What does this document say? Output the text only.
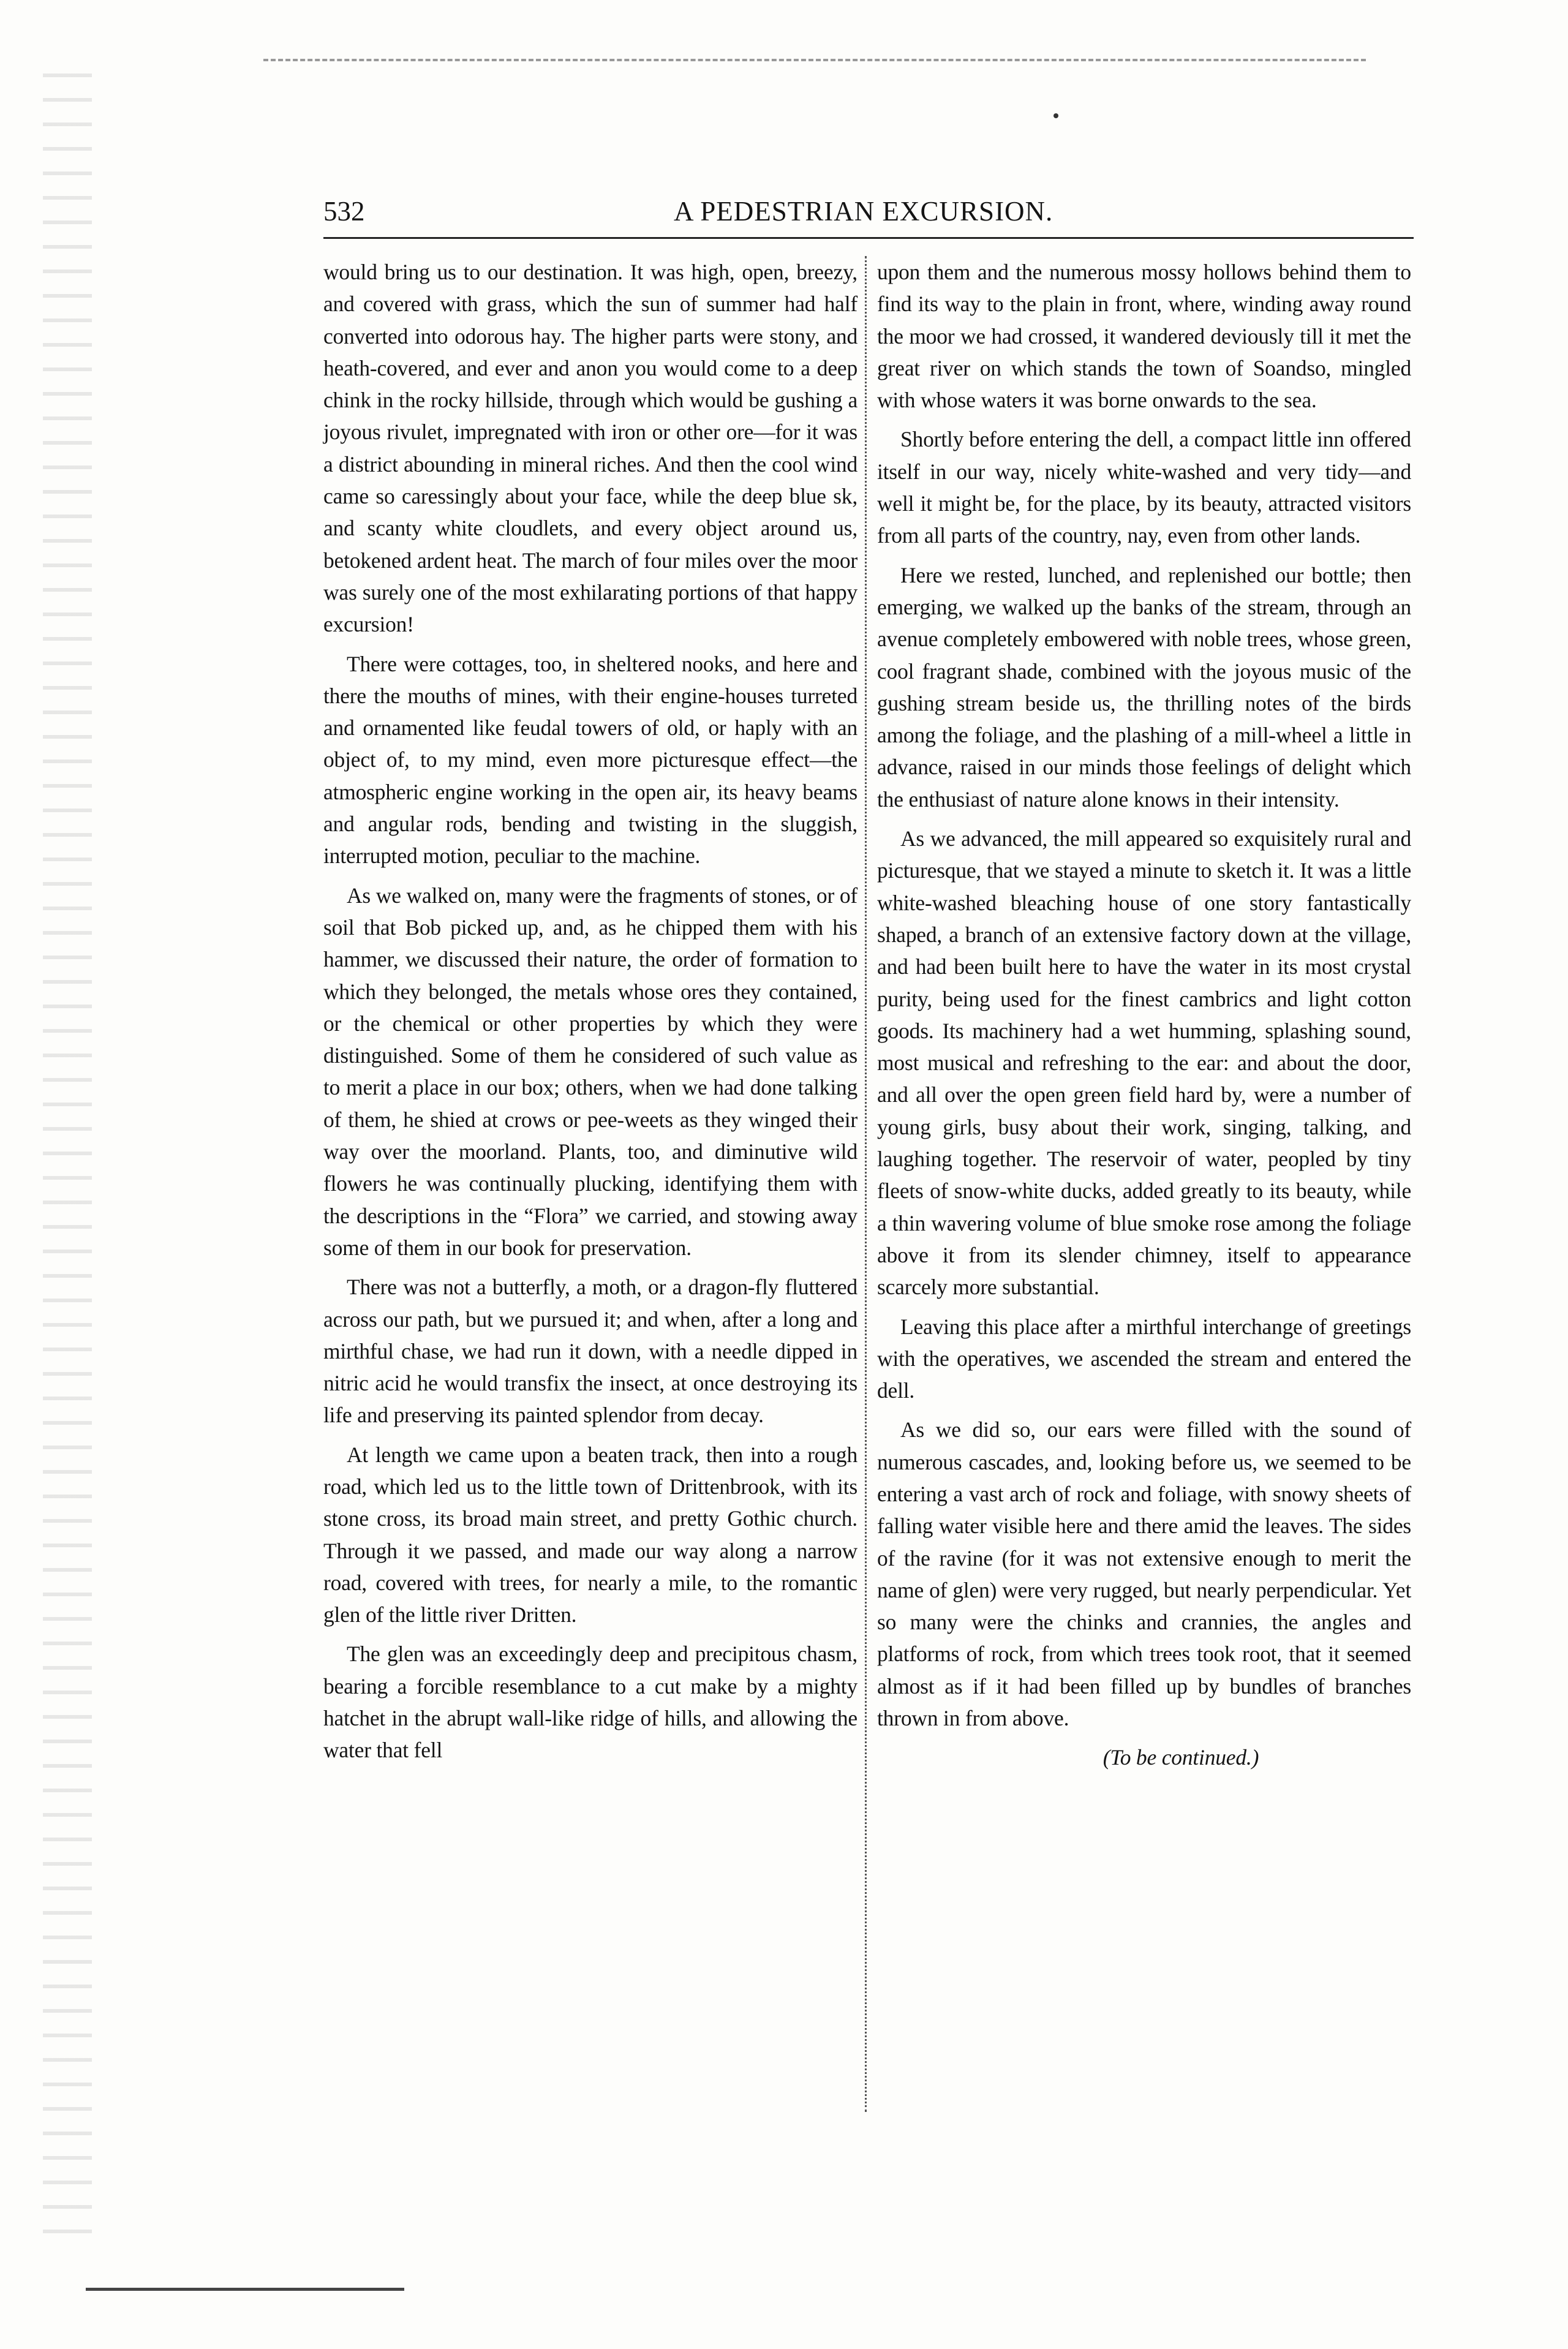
532	A PEDESTRIAN EXCURSION.

would bring us to our destination. It was high, open, breezy, and covered with grass, which the sun of summer had half converted into odorous hay. The higher parts were stony, and heath-covered, and ever and anon you would come to a deep chink in the rocky hillside, through which would be gushing a joyous rivulet, impregnated with iron or other ore—for it was a district abounding in mineral riches. And then the cool wind came so caressingly about your face, while the deep blue sk, and scanty white cloudlets, and every object around us, betokened ardent heat. The march of four miles over the moor was surely one of the most exhilarating portions of that happy excursion!

There were cottages, too, in sheltered nooks, and here and there the mouths of mines, with their engine-houses turreted and ornamented like feudal towers of old, or haply with an object of, to my mind, even more picturesque effect—the atmospheric engine working in the open air, its heavy beams and angular rods, bending and twisting in the sluggish, interrupted motion, peculiar to the machine.

As we walked on, many were the fragments of stones, or of soil that Bob picked up, and, as he chipped them with his hammer, we discussed their nature, the order of formation to which they belonged, the metals whose ores they contained, or the chemical or other properties by which they were distinguished. Some of them he considered of such value as to merit a place in our box; others, when we had done talking of them, he shied at crows or pee-weets as they winged their way over the moorland. Plants, too, and diminutive wild flowers he was continually plucking, identifying them with the descriptions in the “Flora” we carried, and stowing away some of them in our book for preservation.

There was not a butterfly, a moth, or a dragon-fly fluttered across our path, but we pursued it; and when, after a long and mirthful chase, we had run it down, with a needle dipped in nitric acid he would transfix the insect, at once destroying its life and preserving its painted splendor from decay.

At length we came upon a beaten track, then into a rough road, which led us to the little town of Drittenbrook, with its stone cross, its broad main street, and pretty Gothic church. Through it we passed, and made our way along a narrow road, covered with trees, for nearly a mile, to the romantic glen of the little river Dritten.

The glen was an exceedingly deep and precipitous chasm, bearing a forcible resemblance to a cut make by a mighty hatchet in the abrupt wall-like ridge of hills, and allowing the water that fell

upon them and the numerous mossy hollows behind them to find its way to the plain in front, where, winding away round the moor we had crossed, it wandered deviously till it met the great river on which stands the town of Soandso, mingled with whose waters it was borne onwards to the sea.

Shortly before entering the dell, a compact little inn offered itself in our way, nicely white-washed and very tidy—and well it might be, for the place, by its beauty, attracted visitors from all parts of the country, nay, even from other lands.

Here we rested, lunched, and replenished our bottle; then emerging, we walked up the banks of the stream, through an avenue completely embowered with noble trees, whose green, cool fragrant shade, combined with the joyous music of the gushing stream beside us, the thrilling notes of the birds among the foliage, and the plashing of a mill-wheel a little in advance, raised in our minds those feelings of delight which the enthusiast of nature alone knows in their intensity.

As we advanced, the mill appeared so exquisitely rural and picturesque, that we stayed a minute to sketch it. It was a little white-washed bleaching house of one story fantastically shaped, a branch of an extensive factory down at the village, and had been built here to have the water in its most crystal purity, being used for the finest cambrics and light cotton goods. Its machinery had a wet humming, splashing sound, most musical and refreshing to the ear: and about the door, and all over the open green field hard by, were a number of young girls, busy about their work, singing, talking, and laughing together. The reservoir of water, peopled by tiny fleets of snow-white ducks, added greatly to its beauty, while a thin wavering volume of blue smoke rose among the foliage above it from its slender chimney, itself to appearance scarcely more substantial.

Leaving this place after a mirthful interchange of greetings with the operatives, we ascended the stream and entered the dell.

As we did so, our ears were filled with the sound of numerous cascades, and, looking before us, we seemed to be entering a vast arch of rock and foliage, with snowy sheets of falling water visible here and there amid the leaves. The sides of the ravine (for it was not extensive enough to merit the name of glen) were very rugged, but nearly perpendicular. Yet so many were the chinks and crannies, the angles and platforms of rock, from which trees took root, that it seemed almost as if it had been filled up by bundles of branches thrown in from above.

(To be continued.)
